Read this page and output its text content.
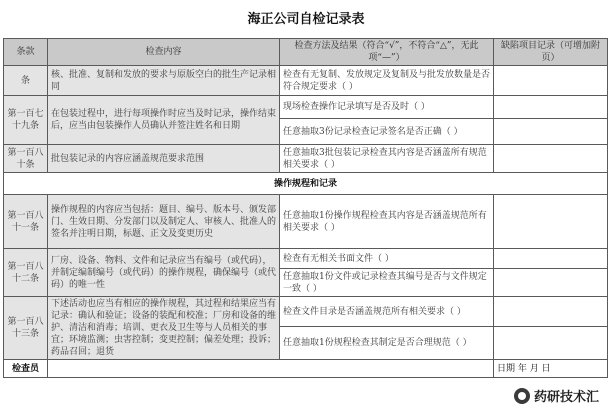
海正公司自检记录表
条款	检查内容	检查方法及结果（符合“√”，不符合“△”，无此项“—”）	缺陷项目记录（可增加附页）
条	核、批准、复制和发放的要求与原版空白的批生产记录相同	检查有无复制、发放规定及复制及与批发放数量是否符合规定要求（ ）	
第一百七十九条	在包装过程中，进行每项操作时应当及时记录，操作结束后，应当由包装操作人员确认并签注姓名和日期	现场检查操作记录填写是否及时（ ）	
		任意抽取3份记录检查记录签名是否正确（ ）	
第一百八十条	批包装记录的内容应涵盖规范要求范围	任意抽取3批包装记录检查其内容是否涵盖所有规范相关要求（ ）	
操作规程和记录			
第一百八十一条	操作规程的内容应当包括：题目、编号、版本号、颁发部门、生效日期、分发部门以及制定人、审核人、批准人的签名并注明日期，标题、正文及变更历史	任意抽取1份操作规程检查其内容是否涵盖规范所有相关要求（ ）	
第一百八十二条	厂房、设备、物料、文件和记录应当有编号（或代码），并制定编制编号（或代码）的操作规程，确保编号（或代码）的唯一性	检查有无相关书面文件（ ）	
		任意抽取1份文件或记录检查其编号是否与文件规定一致（ ）	
第一百八十三条	下述活动也应当有相应的操作规程，其过程和结果应当有记录：确认和验证；设备的装配和校准；厂房和设备的维护、清洁和消毒；培训、更衣及卫生等与人员相关的事宜；环境监测；虫害控制；变更控制；偏差处理；投诉；药品召回；退货	检查文件目录是否涵盖规范所有相关要求（ ）	
		任意抽取1份规程检查其制定是否合理规范（ ）	
检查员			日期 年 月 日
药研技术汇
